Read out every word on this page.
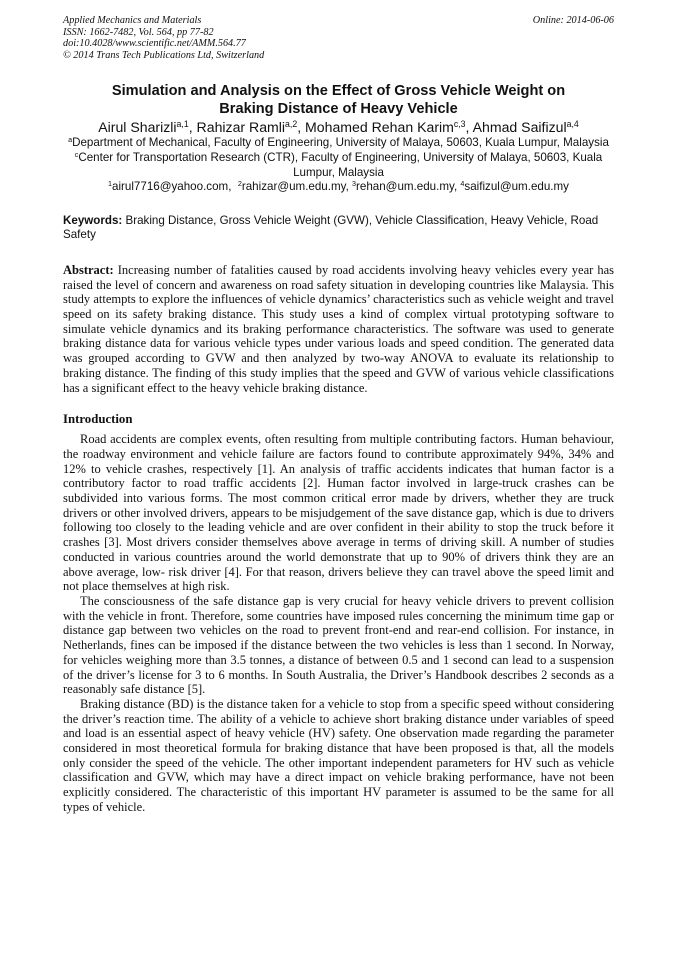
Applied Mechanics and Materials
ISSN: 1662-7482, Vol. 564, pp 77-82
doi:10.4028/www.scientific.net/AMM.564.77
© 2014 Trans Tech Publications Ltd, Switzerland
Online: 2014-06-06
Simulation and Analysis on the Effect of Gross Vehicle Weight on Braking Distance of Heavy Vehicle
Airul Sharizli$^{a,1}$, Rahizar Ramli$^{a,2}$, Mohamed Rehan Karim$^{c,3}$, Ahmad Saifizul$^{a,4}$
$^a$Department of Mechanical, Faculty of Engineering, University of Malaya, 50603, Kuala Lumpur, Malaysia
$^c$Center for Transportation Research (CTR), Faculty of Engineering, University of Malaya, 50603, Kuala Lumpur, Malaysia
$^1$airul7716@yahoo.com, $^2$rahizar@um.edu.my, $^3$rehan@um.edu.my, $^4$saifizul@um.edu.my
Keywords: Braking Distance, Gross Vehicle Weight (GVW), Vehicle Classification, Heavy Vehicle, Road Safety
Abstract: Increasing number of fatalities caused by road accidents involving heavy vehicles every year has raised the level of concern and awareness on road safety situation in developing countries like Malaysia. This study attempts to explore the influences of vehicle dynamics’ characteristics such as vehicle weight and travel speed on its safety braking distance. This study uses a kind of complex virtual prototyping software to simulate vehicle dynamics and its braking performance characteristics. The software was used to generate braking distance data for various vehicle types under various loads and speed condition. The generated data was grouped according to GVW and then analyzed by two-way ANOVA to evaluate its relationship to braking distance. The finding of this study implies that the speed and GVW of various vehicle classifications has a significant effect to the heavy vehicle braking distance.
Introduction

Road accidents are complex events, often resulting from multiple contributing factors. Human behaviour, the roadway environment and vehicle failure are factors found to contribute approximately 94%, 34% and 12% to vehicle crashes, respectively [1]. An analysis of traffic accidents indicates that human factor is a contributory factor to road traffic accidents [2]. Human factor involved in large-truck crashes can be subdivided into various forms. The most common critical error made by drivers, whether they are truck drivers or other involved drivers, appears to be misjudgement of the save distance gap, which is due to drivers following too closely to the leading vehicle and are over confident in their ability to stop the truck before it crashes [3]. Most drivers consider themselves above average in terms of driving skill. A number of studies conducted in various countries around the world demonstrate that up to 90% of drivers think they are an above average, low- risk driver [4]. For that reason, drivers believe they can travel above the speed limit and not place themselves at high risk.

The consciousness of the safe distance gap is very crucial for heavy vehicle drivers to prevent collision with the vehicle in front. Therefore, some countries have imposed rules concerning the minimum time gap or distance gap between two vehicles on the road to prevent front-end and rear-end collision. For instance, in Netherlands, fines can be imposed if the distance between the two vehicles is less than 1 second. In Norway, for vehicles weighing more than 3.5 tonnes, a distance of between 0.5 and 1 second can lead to a suspension of the driver’s license for 3 to 6 months. In South Australia, the Driver’s Handbook describes 2 seconds as a reasonably safe distance [5].

Braking distance (BD) is the distance taken for a vehicle to stop from a specific speed without considering the driver’s reaction time. The ability of a vehicle to achieve short braking distance under variables of speed and load is an essential aspect of heavy vehicle (HV) safety. One observation made regarding the parameter considered in most theoretical formula for braking distance that have been proposed is that, all the models only consider the speed of the vehicle. The other important independent parameters for HV such as vehicle classification and GVW, which may have a direct impact on vehicle braking performance, have not been explicitly considered. The characteristic of this important HV parameter is assumed to be the same for all types of vehicle.
